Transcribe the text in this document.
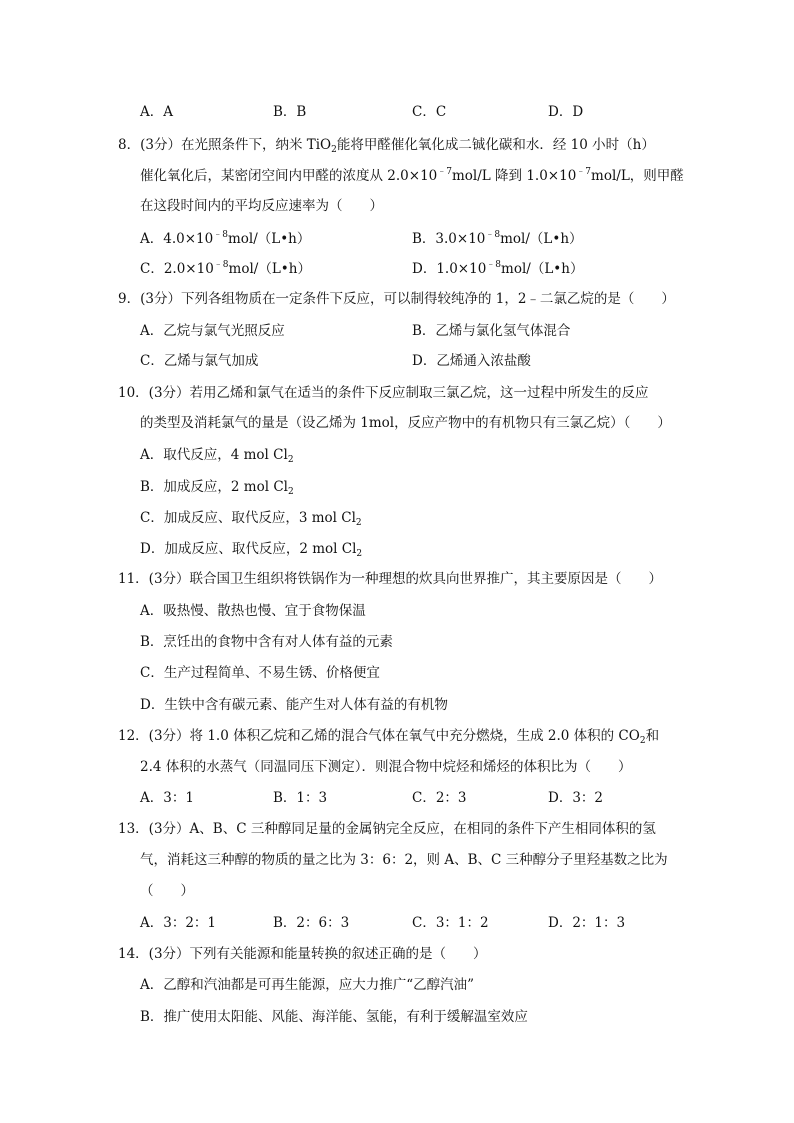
A．A	B．B	C．C	D．D
8．(3分）在光照条件下，纳米 TiO$_2$能将甲醛催化氧化成二铖化碳和水．经 10 小时（h）
催化氧化后，某密闭空间内甲醛的浓度从 $2.0\times 10^{﹣7}mol/L$ 降到 $1.0\times 10^{﹣7}mol/L$，则甲醛
在这段时间内的平均反应速率为（　　）
A．$4.0\times 10^{﹣8}mol/(L•h)$	B．$3.0\times 10^{﹣8}mol/(L•h)$
C．$2.0\times 10^{﹣8}mol/(L•h)$	D．$1.0\times 10^{﹣8}mol/(L•h)$
9．(3分）下列各组物质在一定条件下反应，可以制得较纯净的 1，2﹣二氯乙烷的是（　　）
A．乙烷与氯气光照反应	B．乙烯与氯化氢气体混合
C．乙烯与氯气加成	D．乙烯通入浓盐酸
10．(3分）若用乙烯和氯气在适当的条件下反应制取三氯乙烷，这一过程中所发生的反应
的类型及消耗氯气的量是（设乙烯为 1mol，反应产物中的有机物只有三氯乙烷）（　　）
A．取代反应，4 mol $Cl_2$
B．加成反应，2 mol $Cl_2$
C．加成反应、取代反应，3 mol $Cl_2$
D．加成反应、取代反应，2 mol $Cl_2$
11．(3分）联合国卫生组织将铁锅作为一种理想的炊具向世界推广，其主要原因是（　　）
A．吸热慢、散热也慢、宜于食物保温
B．烹饪出的食物中含有对人体有益的元素
C．生产过程简单、不易生锈、价格便宜
D．生铁中含有碳元素、能产生对人体有益的有机物
12．(3分）将 1.0 体积乙烷和乙烯的混合气体在氧气中充分燃烧，生成 2.0 体积的 $CO_2$和
2.4 体积的水蒸气（同温同压下测定）．则混合物中烷烃和烯烃的体积比为（　　）
A．3：1	B．1：3	C．2：3	D．3：2
13．(3分）A、B、C 三种醇同足量的金属钠完全反应，在相同的条件下产生相同体积的氢
气，消耗这三种醇的物质的量之比为 3：6：2，则 A、B、C 三种醇分子里羟基数之比为
（　　）
A．3：2：1	B．2：6：3	C．3：1：2	D．2：1：3
14．(3分）下列有关能源和能量转换的叙述正确的是（　　）
A．乙醇和汽油都是可再生能源，应大力推广“乙醇汽油”
B．推广使用太阳能、风能、海洋能、氢能，有利于缓解温室效应
